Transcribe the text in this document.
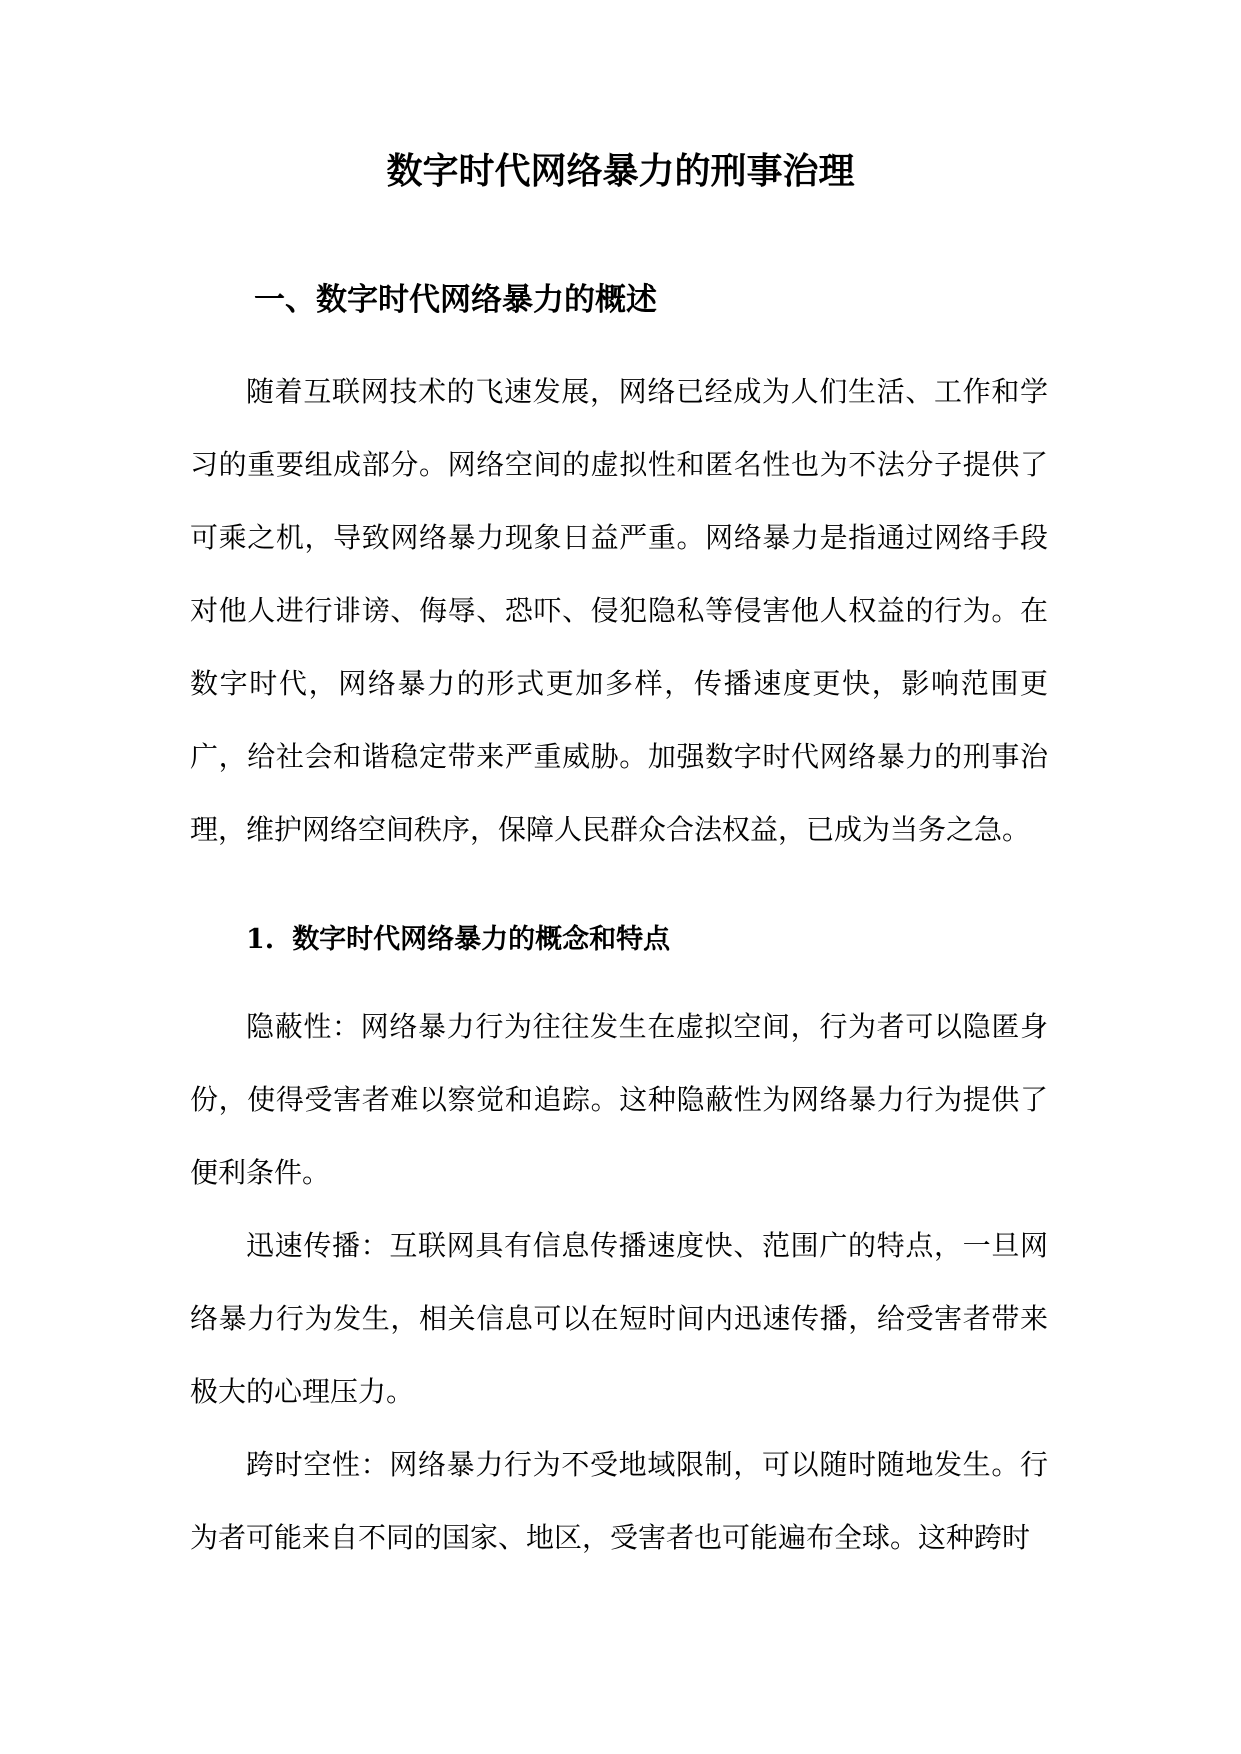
数字时代网络暴力的刑事治理
一、数字时代网络暴力的概述

随着互联网技术的飞速发展，网络已经成为人们生活、工作和学习的重要组成部分。网络空间的虚拟性和匿名性也为不法分子提供了可乘之机，导致网络暴力现象日益严重。网络暴力是指通过网络手段对他人进行诽谤、侮辱、恐吓、侵犯隐私等侵害他人权益的行为。在数字时代，网络暴力的形式更加多样，传播速度更快，影响范围更广，给社会和谐稳定带来严重威胁。加强数字时代网络暴力的刑事治理，维护网络空间秩序，保障人民群众合法权益，已成为当务之急。

1. 数字时代网络暴力的概念和特点

隐蔽性：网络暴力行为往往发生在虚拟空间，行为者可以隐匿身份，使得受害者难以察觉和追踪。这种隐蔽性为网络暴力行为提供了便利条件。

迅速传播：互联网具有信息传播速度快、范围广的特点，一旦网络暴力行为发生，相关信息可以在短时间内迅速传播，给受害者带来极大的心理压力。

跨时空性：网络暴力行为不受地域限制，可以随时随地发生。行为者可能来自不同的国家、地区，受害者也可能遍布全球。这种跨时
